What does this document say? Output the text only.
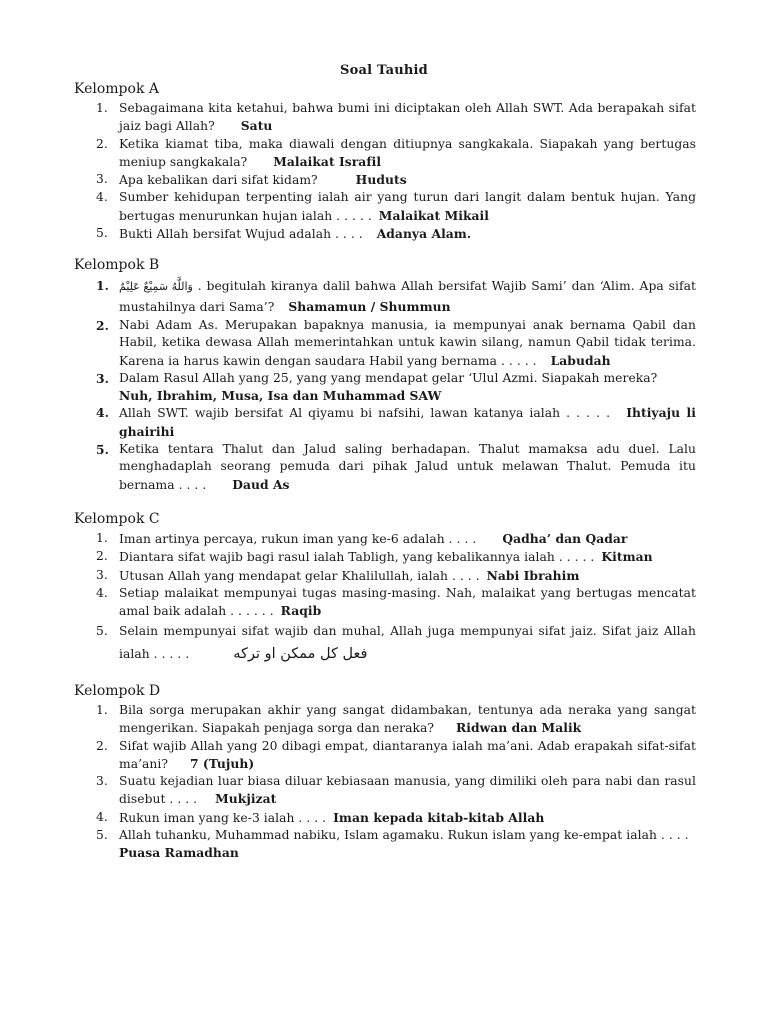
Soal Tauhid
Kelompok A
1. Sebagaimana kita ketahui, bahwa bumi ini diciptakan oleh Allah SWT. Ada berapakah sifat jaiz bagi Allah? Satu
2. Ketika kiamat tiba, maka diawali dengan ditiupnya sangkakala. Siapakah yang bertugas meniup sangkakala? Malaikat Israfil
3. Apa kebalikan dari sifat kidam?	Huduts
4. Sumber kehidupan terpenting ialah air yang turun dari langit dalam bentuk hujan. Yang bertugas menurunkan hujan ialah . . . . . Malaikat Mikail
5. Bukti Allah bersifat Wujud adalah . . . . Adanya Alam.
Kelompok B
1. وَاللَّهُ سَمِيْعٌ عَلِيْمٌ . begitulah kiranya dalil bahwa Allah bersifat Wajib Sami’ dan ‘Alim. Apa sifat mustahilnya dari Sama’? Shamamun / Shummun
2. Nabi Adam As. Merupakan bapaknya manusia, ia mempunyai anak bernama Qabil dan Habil, ketika dewasa Allah memerintahkan untuk kawin silang, namun Qabil tidak terima. Karena ia harus kawin dengan saudara Habil yang bernama . . . . . Labudah
3. Dalam Rasul Allah yang 25, yang yang mendapat gelar ‘Ulul Azmi. Siapakah mereka?
Nuh, Ibrahim, Musa, Isa dan Muhammad SAW
4. Allah SWT. wajib bersifat Al qiyamu bi nafsihi, lawan katanya ialah . . . . . Ihtiyaju li ghairihi
5. Ketika tentara Thalut dan Jalud saling berhadapan. Thalut mamaksa adu duel. Lalu menghadaplah seorang pemuda dari pihak Jalud untuk melawan Thalut. Pemuda itu bernama . . . . Daud As
Kelompok C
1. Iman artinya percaya, rukun iman yang ke-6 adalah . . . . Qadha’ dan Qadar
2. Diantara sifat wajib bagi rasul ialah Tabligh, yang kebalikannya ialah . . . . . Kitman
3. Utusan Allah yang mendapat gelar Khalilullah, ialah . . . . Nabi Ibrahim
4. Setiap malaikat mempunyai tugas masing-masing. Nah, malaikat yang bertugas mencatat amal baik adalah . . . . . . Raqib
5. Selain mempunyai sifat wajib dan muhal, Allah juga mempunyai sifat jaiz. Sifat jaiz Allah ialah . . . . .	فعل كل ممكن او تركه
Kelompok D
1. Bila sorga merupakan akhir yang sangat didambakan, tentunya ada neraka yang sangat mengerikan. Siapakah penjaga sorga dan neraka? Ridwan dan Malik
2. Sifat wajib Allah yang 20 dibagi empat, diantaranya ialah ma’ani. Adab erapakah sifat-sifat ma’ani? 7 (Tujuh)
3. Suatu kejadian luar biasa diluar kebiasaan manusia, yang dimiliki oleh para nabi dan rasul disebut . . . . Mukjizat
4. Rukun iman yang ke-3 ialah . . . . Iman kepada kitab-kitab Allah
5. Allah tuhanku, Muhammad nabiku, Islam agamaku. Rukun islam yang ke-empat ialah . . . .
Puasa Ramadhan
